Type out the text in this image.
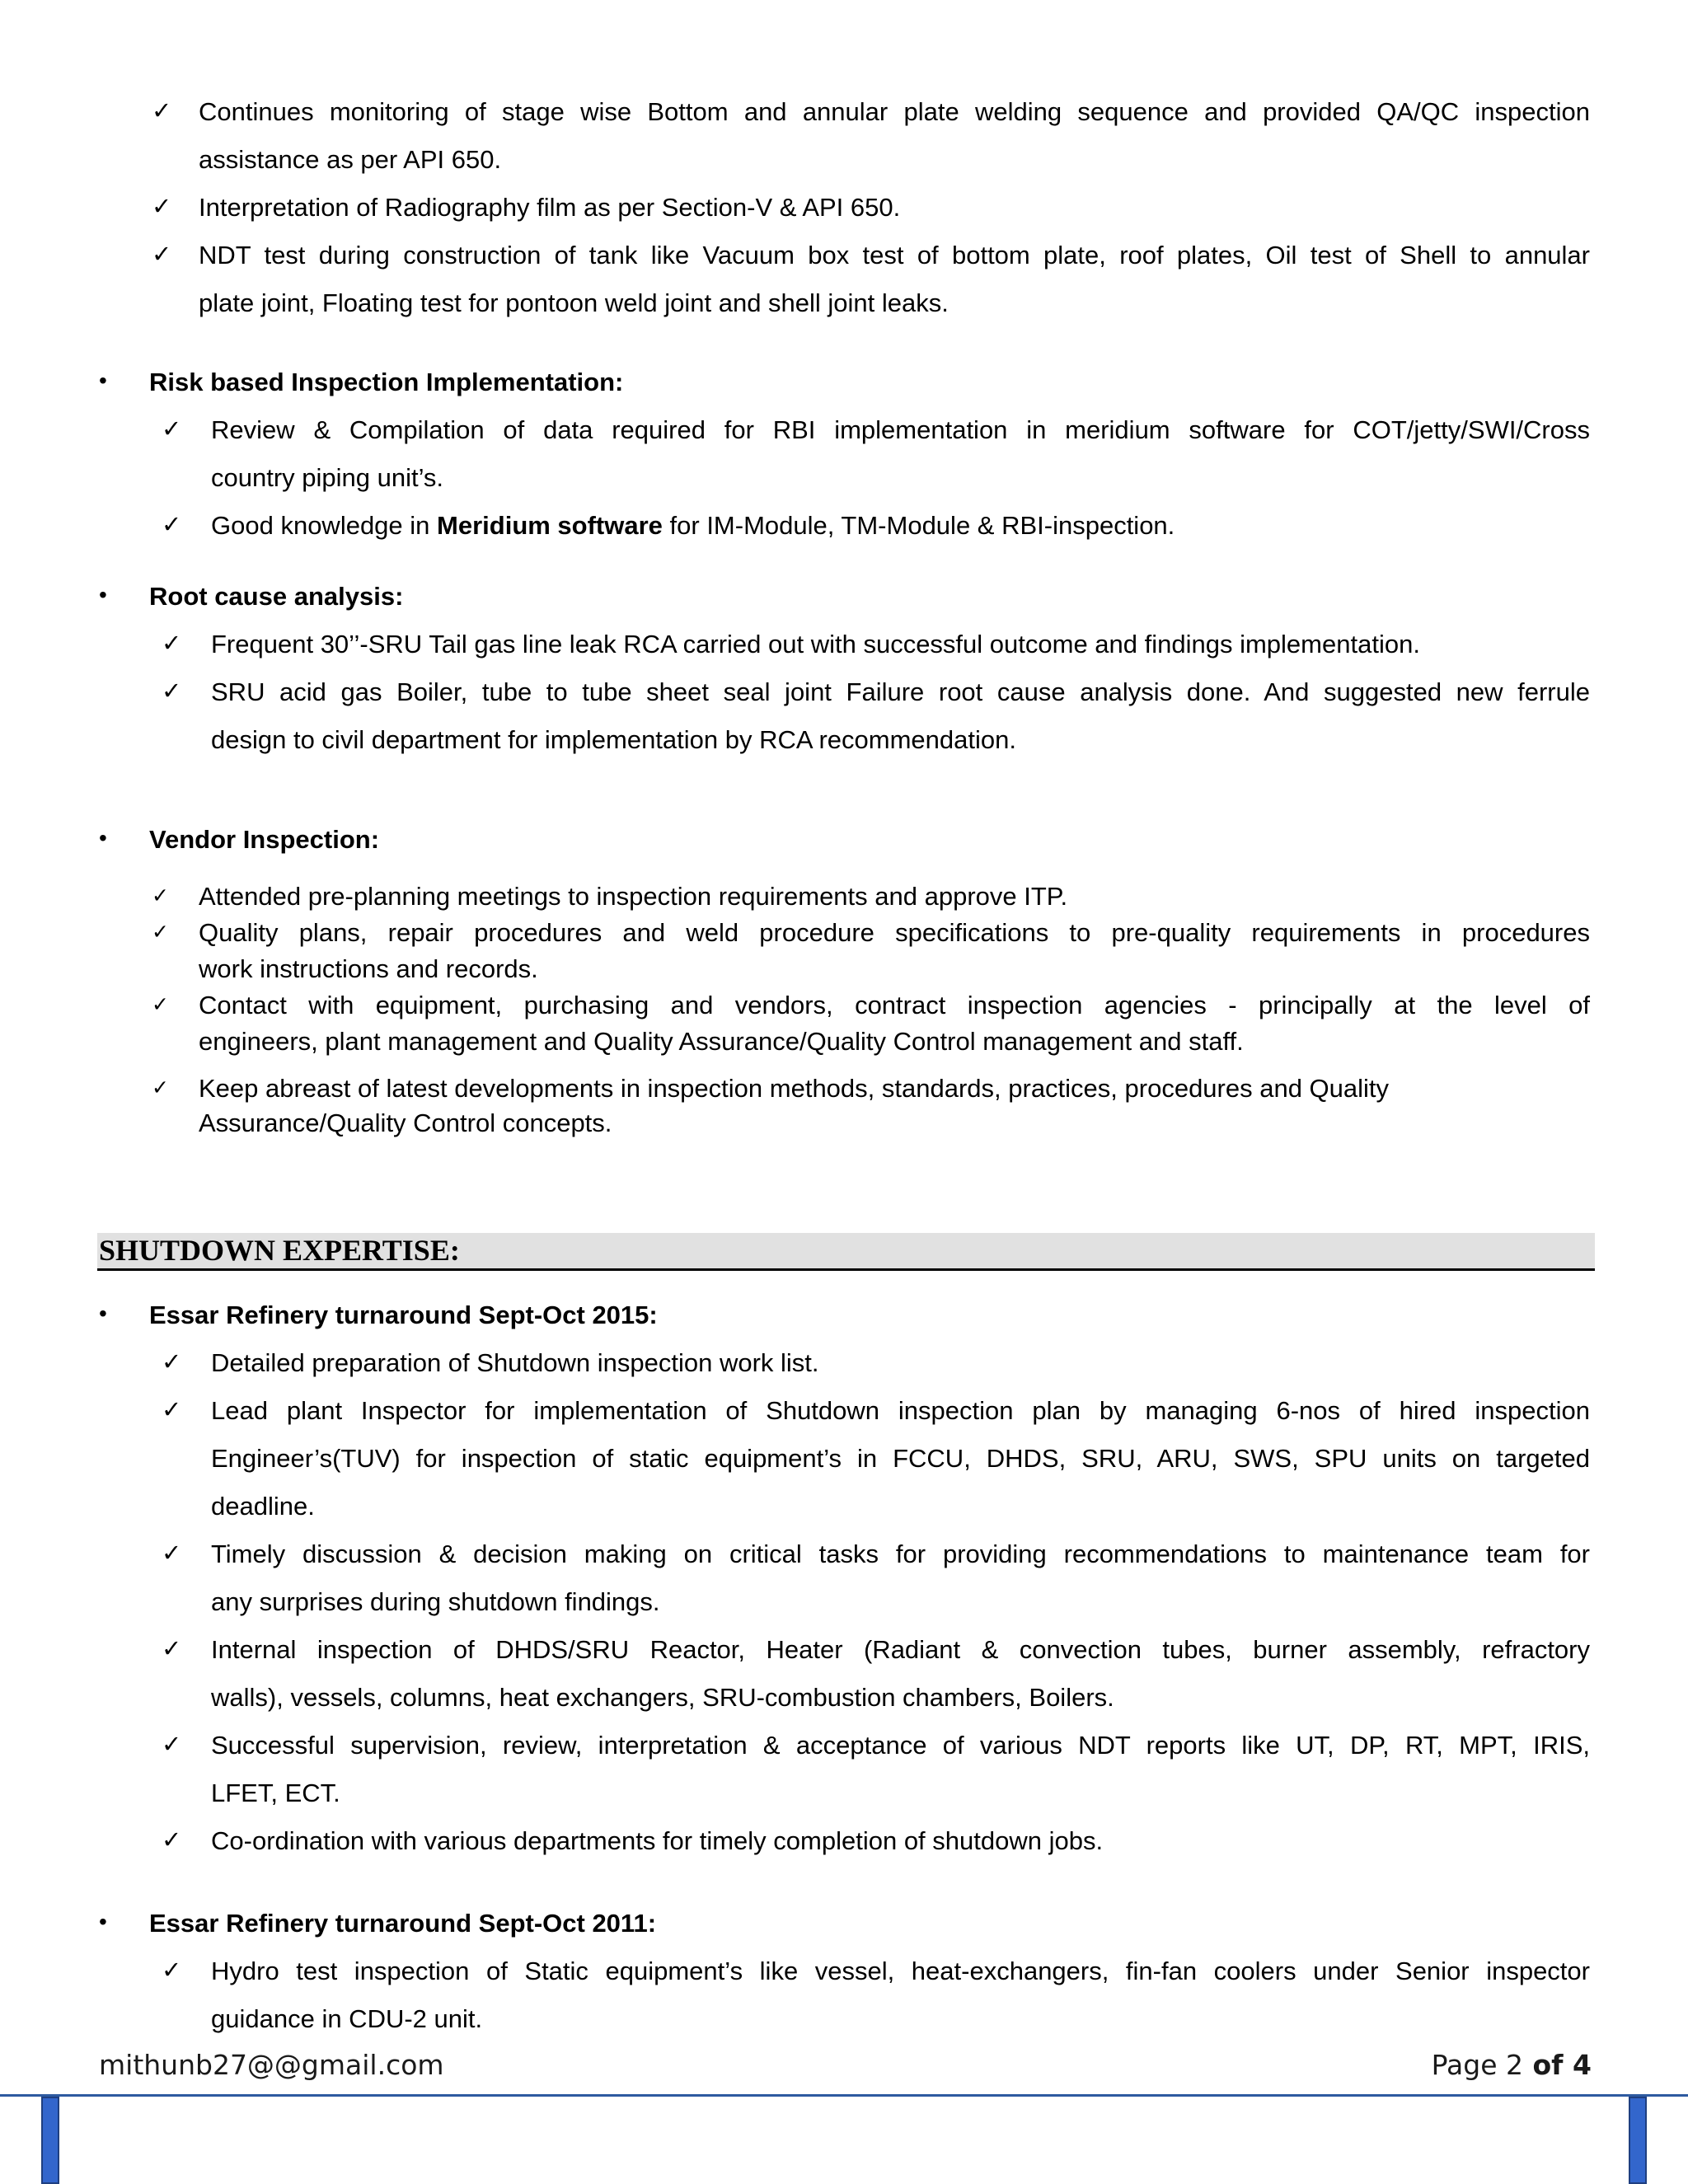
✓ Continues monitoring of stage wise Bottom and annular plate welding sequence and provided QA/QC inspection
assistance as per API 650.
✓ Interpretation of Radiography film as per Section-V & API 650.
✓ NDT test during construction of tank like Vacuum box test of bottom plate, roof plates, Oil test of Shell to annular
plate joint, Floating test for pontoon weld joint and shell joint leaks.
• Risk based Inspection Implementation:
✓ Review & Compilation of data required for RBI implementation in meridium software for COT/jetty/SWI/Cross
country piping unit’s.
✓ Good knowledge in Meridium software for IM-Module, TM-Module & RBI-inspection.
• Root cause analysis:
✓ Frequent 30’’-SRU Tail gas line leak RCA carried out with successful outcome and findings implementation.
✓ SRU acid gas Boiler, tube to tube sheet seal joint Failure root cause analysis done. And suggested new ferrule
design to civil department for implementation by RCA recommendation.
• Vendor Inspection:
✓ Attended pre-planning meetings to inspection requirements and approve ITP.
✓ Quality plans, repair procedures and weld procedure specifications to pre-quality requirements in procedures
work instructions and records.
✓ Contact with equipment, purchasing and vendors, contract inspection agencies - principally at the level of
engineers, plant management and Quality Assurance/Quality Control management and staff.
✓ Keep abreast of latest developments in inspection methods, standards, practices, procedures and Quality
Assurance/Quality Control concepts.
SHUTDOWN EXPERTISE:
• Essar Refinery turnaround Sept-Oct 2015:
✓ Detailed preparation of Shutdown inspection work list.
✓ Lead plant Inspector for implementation of Shutdown inspection plan by managing 6-nos of hired inspection
Engineer’s(TUV) for inspection of static equipment’s in FCCU, DHDS, SRU, ARU, SWS, SPU units on targeted
deadline.
✓ Timely discussion & decision making on critical tasks for providing recommendations to maintenance team for
any surprises during shutdown findings.
✓ Internal inspection of DHDS/SRU Reactor, Heater (Radiant & convection tubes, burner assembly, refractory
walls), vessels, columns, heat exchangers, SRU-combustion chambers, Boilers.
✓ Successful supervision, review, interpretation & acceptance of various NDT reports like UT, DP, RT, MPT, IRIS,
LFET, ECT.
✓ Co-ordination with various departments for timely completion of shutdown jobs.
• Essar Refinery turnaround Sept-Oct 2011:
✓ Hydro test inspection of Static equipment’s like vessel, heat-exchangers, fin-fan coolers under Senior inspector
guidance in CDU-2 unit.
mithunb27@@gmail.com	Page 2 of 4
